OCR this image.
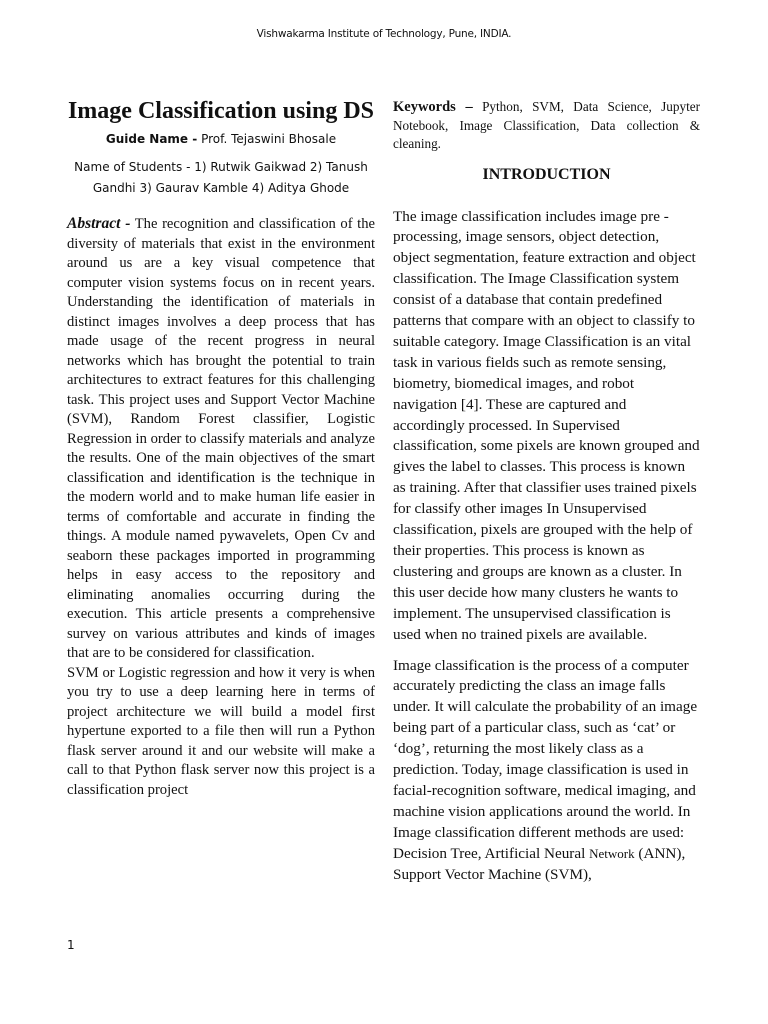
Vishwakarma Institute of Technology, Pune, INDIA.
Image Classification using DS
Guide Name - Prof. Tejaswini Bhosale
Name of Students - 1) Rutwik Gaikwad 2) Tanush Gandhi 3) Gaurav Kamble 4) Aditya Ghode

Abstract - The recognition and classification of the diversity of materials that exist in the environment around us are a key visual competence that computer vision systems focus on in recent years. Understanding the identification of materials in distinct images involves a deep process that has made usage of the recent progress in neural networks which has brought the potential to train architectures to extract features for this challenging task. This project uses and Support Vector Machine (SVM), Random Forest classifier, Logistic Regression in order to classify materials and analyze the results. One of the main objectives of the smart classification and identification is the technique in the modern world and to make human life easier in terms of comfortable and accurate in finding the things. A module named pywavelets, Open Cv and seaborn these packages imported in programming helps in easy access to the repository and eliminating anomalies occurring during the execution. This article presents a comprehensive survey on various attributes and kinds of images that are to be considered for classification.

SVM or Logistic regression and how it very is when you try to use a deep learning here in terms of project architecture we will build a model first hypertune exported to a file then will run a Python flask server around it and our website will make a call to that Python flask server now this project is a classification project

Keywords – Python, SVM, Data Science, Jupyter Notebook, Image Classification, Data collection & cleaning.

INTRODUCTION

The image classification includes image pre - processing, image sensors, object detection, object segmentation, feature extraction and object classification. The Image Classification system consist of a database that contain predefined patterns that compare with an object to classify to suitable category. Image Classification is an vital task in various fields such as remote sensing, biometry, biomedical images, and robot navigation [4]. These are captured and accordingly processed. In Supervised classification, some pixels are known grouped and gives the label to classes. This process is known as training. After that classifier uses trained pixels for classify other images In Unsupervised classification, pixels are grouped with the help of their properties. This process is known as clustering and groups are known as a cluster. In this user decide how many clusters he wants to implement. The unsupervised classification is used when no trained pixels are available.

Image classification is the process of a computer accurately predicting the class an image falls under. It will calculate the probability of an image being part of a particular class, such as ‘cat’ or ‘dog’, returning the most likely class as a prediction. Today, image classification is used in facial-recognition software, medical imaging, and machine vision applications around the world. In Image classification different methods are used: Decision Tree, Artificial Neural Network (ANN), Support Vector Machine (SVM),

1
